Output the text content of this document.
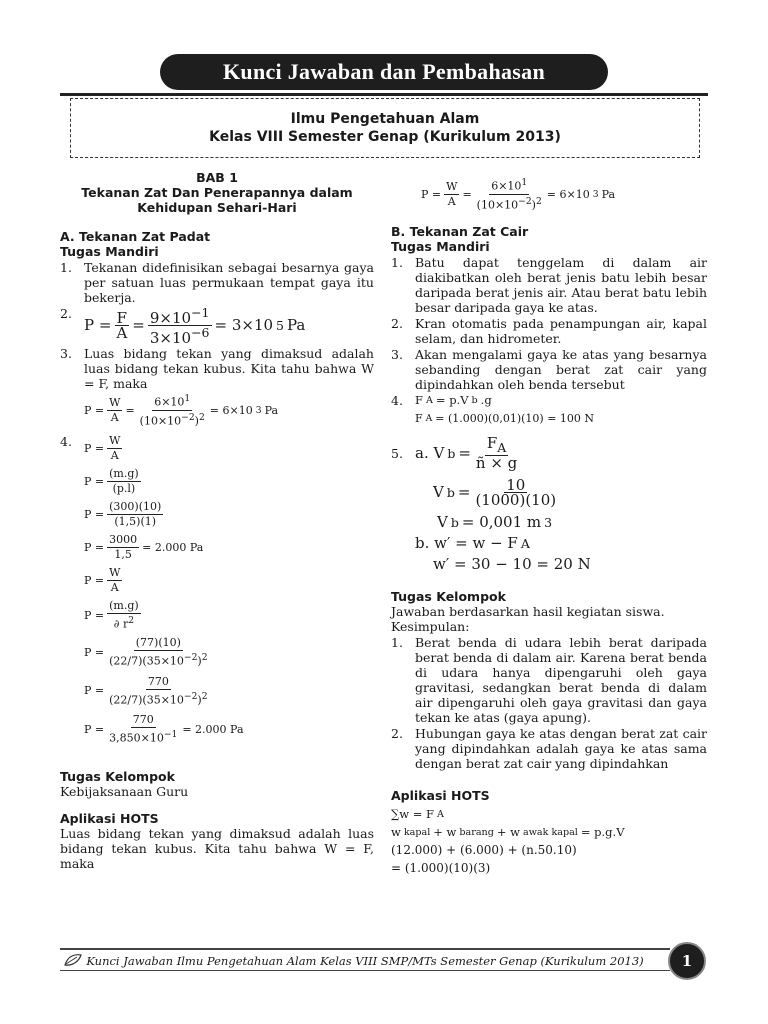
Kunci Jawaban dan Pembahasan
Ilmu Pengetahuan Alam
Kelas VIII Semester Genap (Kurikulum 2013)
BAB 1
Tekanan Zat Dan Penerapannya dalam
Kehidupan Sehari-Hari
A. Tekanan Zat Padat
Tugas Mandiri
1. Tekanan didefinisikan sebagai besarnya gaya per satuan luas permukaan tempat gaya itu bekerja.
2.
$P = \frac{F}{A} = \frac{9\times 10^{-1}}{3\times 10^{-6}} = 3\times 10$ 5 Pa
3. Luas bidang tekan yang dimaksud adalah luas bidang tekan kubus. Kita tahu bahwa W = F, maka
$P = \frac{W}{A} = \frac{6\times 10^1}{(10\times 10^{-2})^2} = 6\times 10$ 3 Pa
4.	$P = \frac{W}{A}$
$P = \frac{(m.g)}{(p.l)}$
$P = \frac{(300)(10)}{(1,5)(1)}$
$P = \frac{3000}{1,5} = 2.000$ Pa
$P = \frac{W}{A}$
$P = \frac{(m.g)}{\partial r^2}$
$P = \frac{(77)(10)}{(22/7)(35\times 10^{-2})^2}$
$P = \frac{770}{(22/7)(35\times 10^{-2})^2}$
$P = \frac{770}{3,850\times 10^{-1}} = 2.000$ Pa
Tugas Kelompok
Kebijaksanaan Guru
Aplikasi HOTS
Luas bidang tekan yang dimaksud adalah luas bidang tekan kubus. Kita tahu bahwa W = F, maka
$P = \frac{W}{A} = \frac{6\times 10^1}{(10\times 10^{-2})^2} = 6\times 10$ 3 Pa
B. Tekanan Zat Cair
Tugas Mandiri
1. Batu dapat tenggelam di dalam air diakibatkan oleh berat jenis batu lebih besar daripada berat jenis air. Atau berat batu lebih besar daripada gaya ke atas.
2. Kran otomatis pada penampungan air, kapal selam, dan hidrometer.
3. Akan mengalami gaya ke atas yang besarnya sebanding dengan berat zat cair yang dipindahkan oleh benda tersebut
4.	F A = p.V b .g
F A = (1.000)(0,01)(10) = 100 N
5. a. V $b = \frac{F_A}{ñ \times g}$
V $b = \frac{10}{(1000)(10)}$
V b = 0,001 m 3
b. w′ = w − F A
w′ = 30 − 10 = 20 N
Tugas Kelompok
Jawaban berdasarkan hasil kegiatan siswa.
Kesimpulan:
1. Berat benda di udara lebih berat daripada berat benda di dalam air. Karena berat benda di udara hanya dipengaruhi oleh gaya gravitasi, sedangkan berat benda di dalam air dipengaruhi oleh gaya gravitasi dan gaya tekan ke atas (gaya apung).
2. Hubungan gaya ke atas dengan berat zat cair yang dipindahkan adalah gaya ke atas sama dengan berat zat cair yang dipindahkan
Aplikasi HOTS
∑w = F A
w kapal + w barang + w awak kapal = p.g.V
(12.000) + (6.000) + (n.50.10)
= (1.000)(10)(3)
Kunci Jawaban Ilmu Pengetahuan Alam Kelas VIII SMP/MTs Semester Genap (Kurikulum 2013)	1
